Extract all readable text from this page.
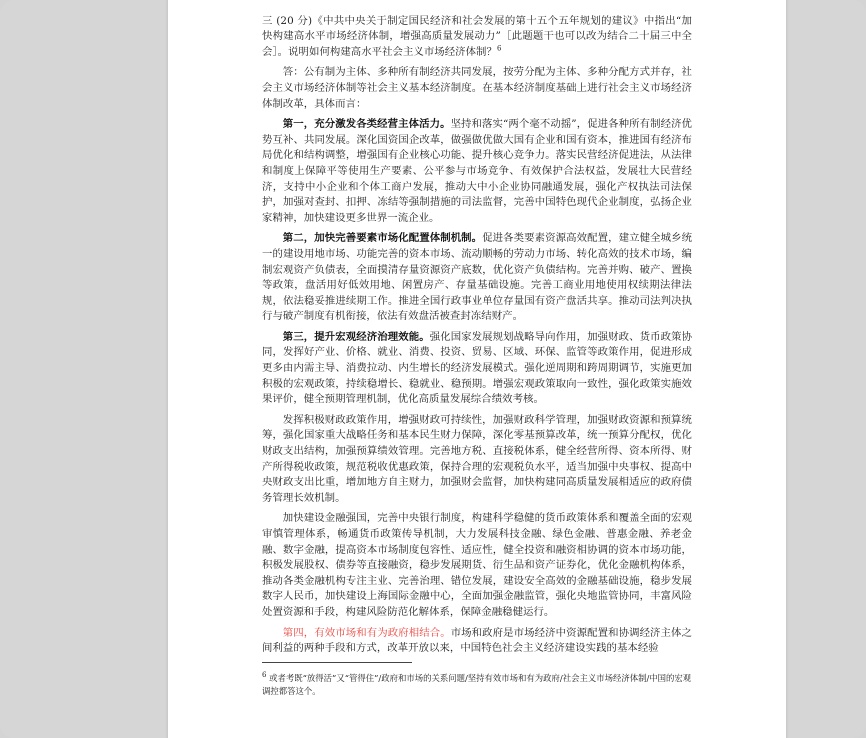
三 (20 分)《中共中央关于制定国民经济和社会发展的第十五个五年规划的建议》中指出“加快构建高水平市场经济体制，增强高质量发展动力”［此题题干也可以改为结合二十届三中全会］。说明如何构建高水平社会主义市场经济体制？$^6$

答：公有制为主体、多种所有制经济共同发展，按劳分配为主体、多种分配方式并存，社会主义市场经济体制等社会主义基本经济制度。在基本经济制度基础上进行社会主义市场经济体制改革，具体而言：

第一，充分激发各类经营主体活力。坚持和落实“两个毫不动摇”，促进各种所有制经济优势互补、共同发展。深化国资国企改革，做强做优做大国有企业和国有资本，推进国有经济布局优化和结构调整，增强国有企业核心功能、提升核心竞争力。落实民营经济促进法，从法律和制度上保障平等使用生产要素、公平参与市场竞争、有效保护合法权益，发展壮大民营经济，支持中小企业和个体工商户发展，推动大中小企业协同融通发展，强化产权执法司法保护，加强对查封、扣押、冻结等强制措施的司法监督，完善中国特色现代企业制度，弘扬企业家精神，加快建设更多世界一流企业。

第二，加快完善要素市场化配置体制机制。促进各类要素资源高效配置，建立健全城乡统一的建设用地市场、功能完善的资本市场、流动顺畅的劳动力市场、转化高效的技术市场，编制宏观资产负债表，全面摸清存量资源资产底数，优化资产负债结构。完善并购、破产、置换等政策，盘活用好低效用地、闲置房产、存量基础设施。完善工商业用地使用权续期法律法规，依法稳妥推进续期工作。推进全国行政事业单位存量国有资产盘活共享。推动司法判决执行与破产制度有机衔接，依法有效盘活被查封冻结财产。

第三，提升宏观经济治理效能。强化国家发展规划战略导向作用，加强财政、货币政策协同，发挥好产业、价格、就业、消费、投资、贸易、区域、环保、监管等政策作用，促进形成更多由内需主导、消费拉动、内生增长的经济发展模式。强化逆周期和跨周期调节，实施更加积极的宏观政策，持续稳增长、稳就业、稳预期。增强宏观政策取向一致性，强化政策实施效果评价，健全预期管理机制，优化高质量发展综合绩效考核。

发挥积极财政政策作用，增强财政可持续性，加强财政科学管理，加强财政资源和预算统筹，强化国家重大战略任务和基本民生财力保障，深化零基预算改革，统一预算分配权，优化财政支出结构，加强预算绩效管理。完善地方税、直接税体系，健全经营所得、资本所得、财产所得税收政策，规范税收优惠政策，保持合理的宏观税负水平，适当加强中央事权、提高中央财政支出比重，增加地方自主财力，加强财会监督，加快构建同高质量发展相适应的政府债务管理长效机制。

加快建设金融强国，完善中央银行制度，构建科学稳健的货币政策体系和覆盖全面的宏观审慎管理体系，畅通货币政策传导机制，大力发展科技金融、绿色金融、普惠金融、养老金融、数字金融，提高资本市场制度包容性、适应性，健全投资和融资相协调的资本市场功能，积极发展股权、债券等直接融资，稳步发展期货、衍生品和资产证券化，优化金融机构体系，推动各类金融机构专注主业、完善治理、错位发展，建设安全高效的金融基础设施，稳步发展数字人民币，加快建设上海国际金融中心，全面加强金融监管，强化央地监管协同，丰富风险处置资源和手段，构建风险防范化解体系，保障金融稳健运行。

第四，有效市场和有为政府相结合。市场和政府是市场经济中资源配置和协调经济主体之间利益的两种手段和方式，改革开放以来，中国特色社会主义经济建设实践的基本经验

$^6$ 或者考既“放得活”又“管得住”/政府和市场的关系问题/坚持有效市场和有为政府/社会主义市场经济体制/中国的宏观调控都答这个。
